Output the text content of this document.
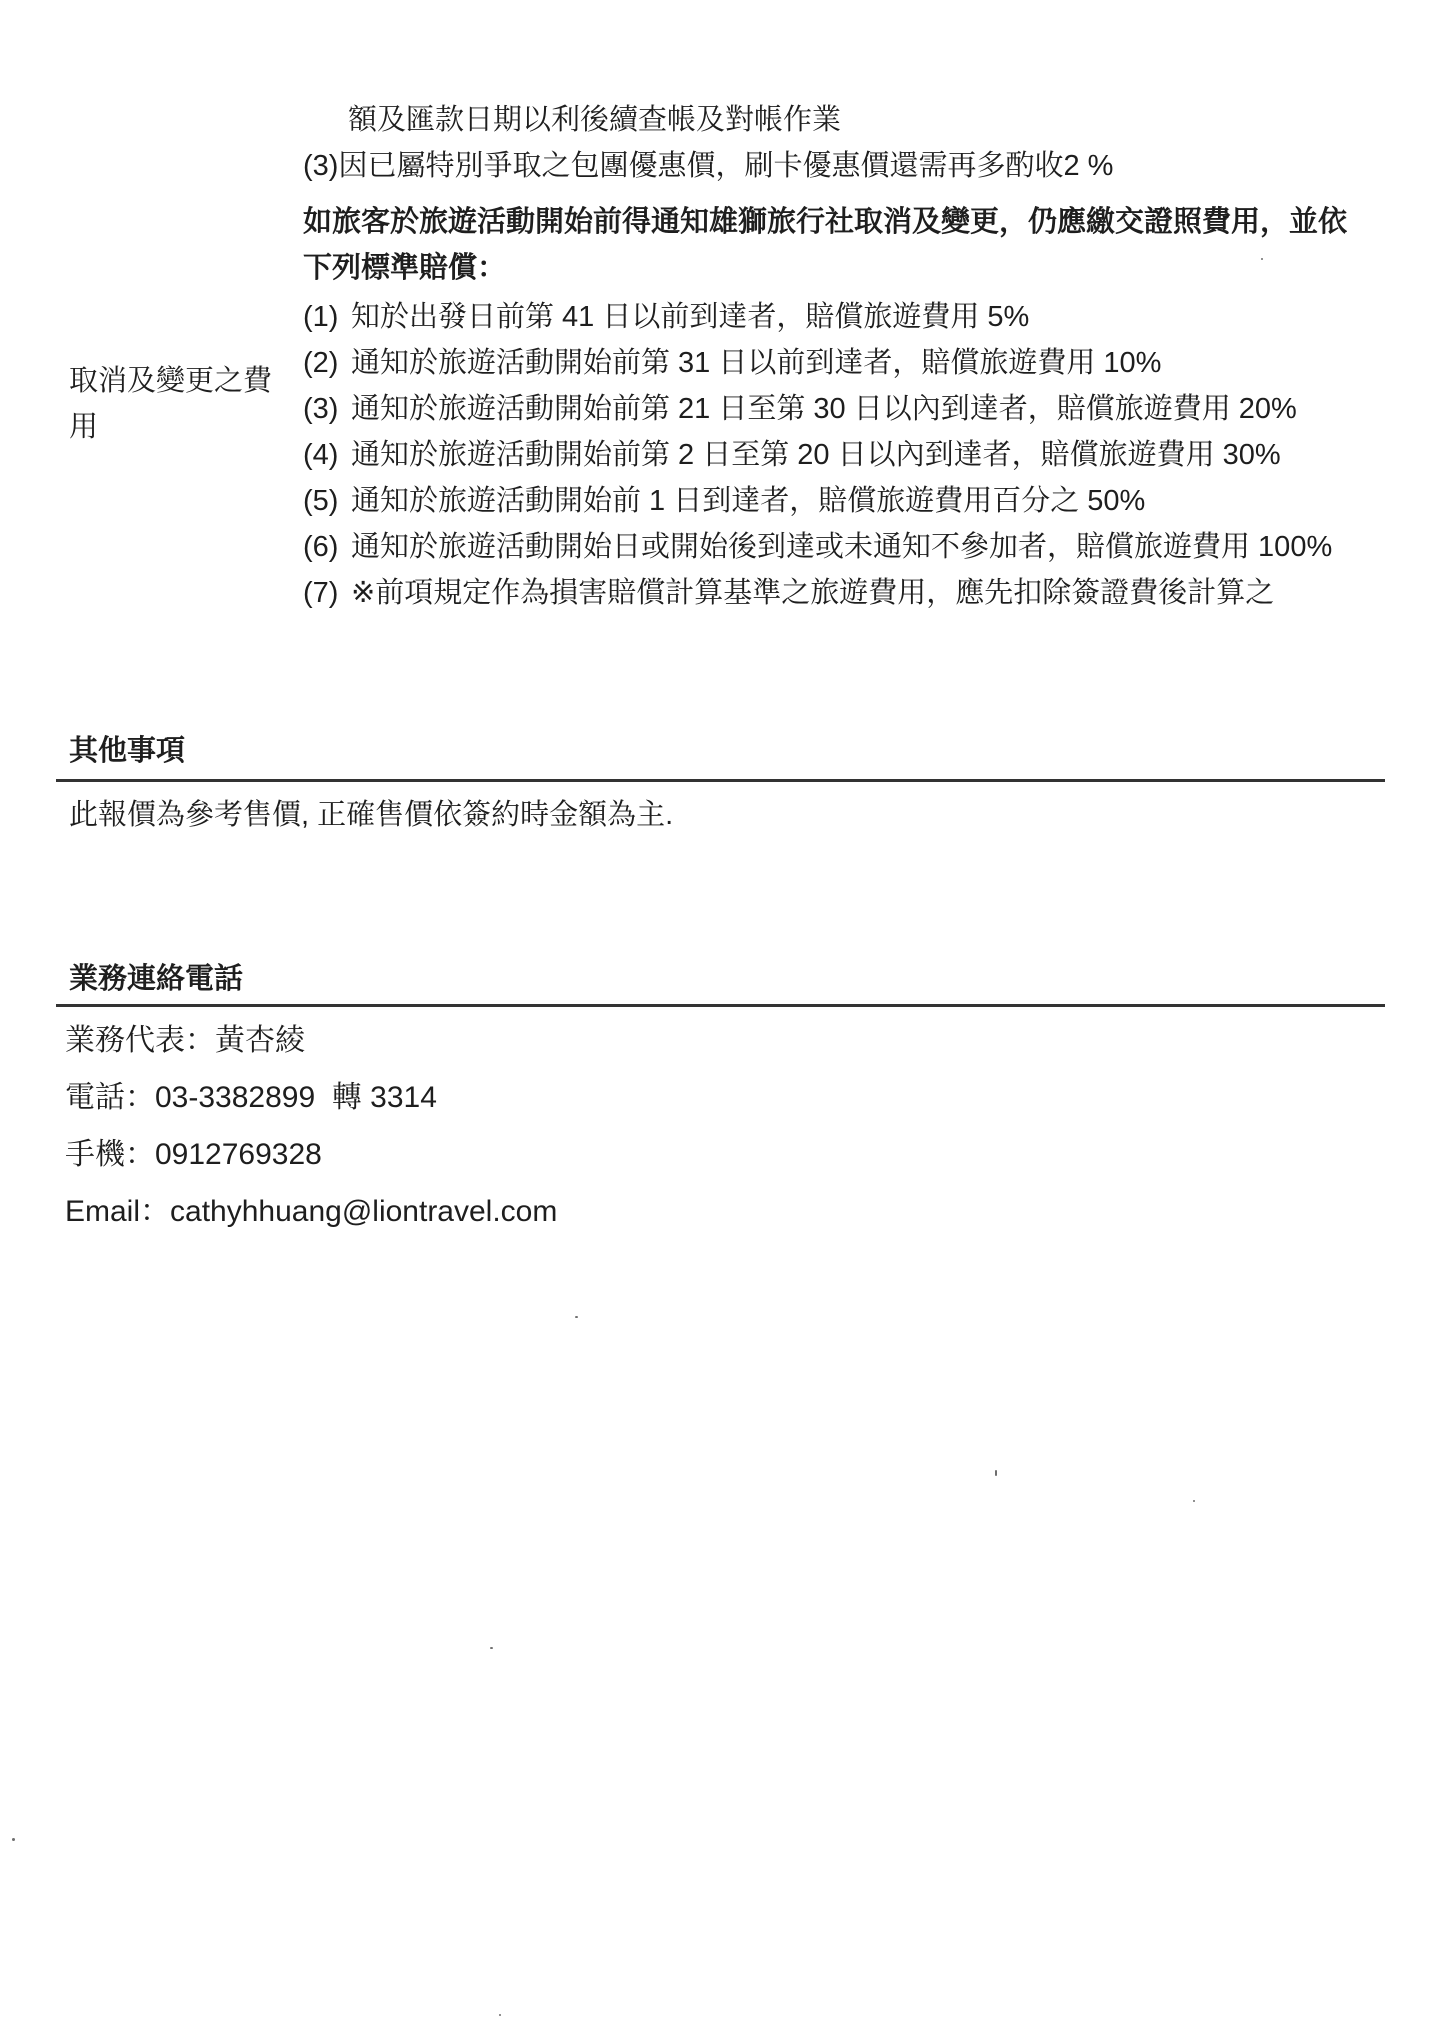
額及匯款日期以利後續查帳及對帳作業
(3)因已屬特別爭取之包團優惠價，刷卡優惠價還需再多酌收2 %
如旅客於旅遊活動開始前得通知雄獅旅行社取消及變更，仍應繳交證照費用，並依下列標準賠償：
(1) 知於出發日前第 41 日以前到達者，賠償旅遊費用 5%
(2) 通知於旅遊活動開始前第 31 日以前到達者，賠償旅遊費用 10%
(3) 通知於旅遊活動開始前第 21 日至第 30 日以內到達者，賠償旅遊費用 20%
(4) 通知於旅遊活動開始前第 2 日至第 20 日以內到達者，賠償旅遊費用 30%
(5) 通知於旅遊活動開始前 1 日到達者，賠償旅遊費用百分之 50%
(6) 通知於旅遊活動開始日或開始後到達或未通知不參加者，賠償旅遊費用 100%
(7) ※前項規定作為損害賠償計算基準之旅遊費用，應先扣除簽證費後計算之
取消及變更之費用
其他事項
此報價為參考售價, 正確售價依簽約時金額為主.
業務連絡電話
業務代表：黃杏綾
電話：03-3382899  轉 3314
手機：0912769328
Email：cathyhhuang@liontravel.com
